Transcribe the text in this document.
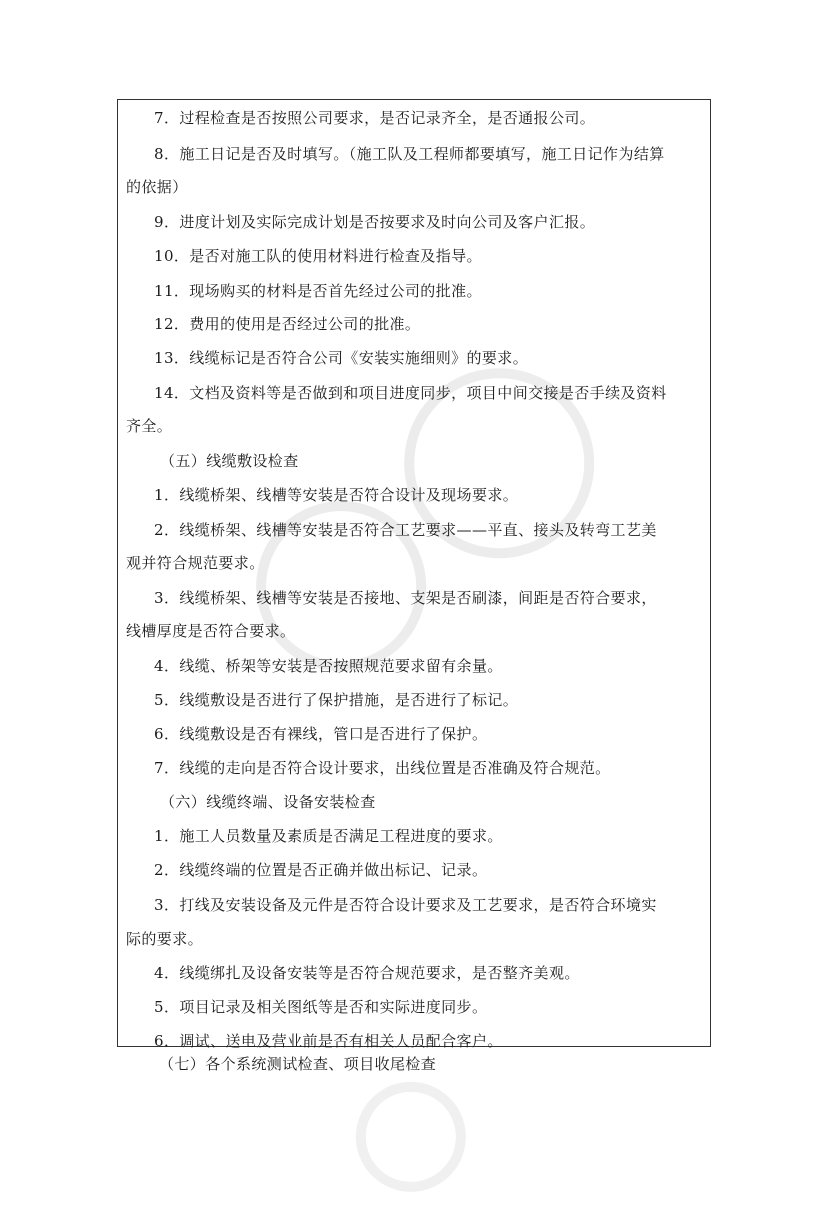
7．过程检查是否按照公司要求，是否记录齐全，是否通报公司。
8．施工日记是否及时填写。（施工队及工程师都要填写，施工日记作为结算
的依据）
9．进度计划及实际完成计划是否按要求及时向公司及客户汇报。
10．是否对施工队的使用材料进行检查及指导。
11．现场购买的材料是否首先经过公司的批准。
12．费用的使用是否经过公司的批准。
13．线缆标记是否符合公司《安装实施细则》的要求。
14．文档及资料等是否做到和项目进度同步，项目中间交接是否手续及资料
齐全。
（五）线缆敷设检查
1．线缆桥架、线槽等安装是否符合设计及现场要求。
2．线缆桥架、线槽等安装是否符合工艺要求——平直、接头及转弯工艺美
观并符合规范要求。
3．线缆桥架、线槽等安装是否接地、支架是否刷漆，间距是否符合要求，
线槽厚度是否符合要求。
4．线缆、桥架等安装是否按照规范要求留有余量。
5．线缆敷设是否进行了保护措施，是否进行了标记。
6．线缆敷设是否有裸线，管口是否进行了保护。
7．线缆的走向是否符合设计要求，出线位置是否准确及符合规范。
（六）线缆终端、设备安装检查
1．施工人员数量及素质是否满足工程进度的要求。
2．线缆终端的位置是否正确并做出标记、记录。
3．打线及安装设备及元件是否符合设计要求及工艺要求，是否符合环境实
际的要求。
4．线缆绑扎及设备安装等是否符合规范要求，是否整齐美观。
5．项目记录及相关图纸等是否和实际进度同步。
6．调试、送电及营业前是否有相关人员配合客户。
（七）各个系统测试检查、项目收尾检查
